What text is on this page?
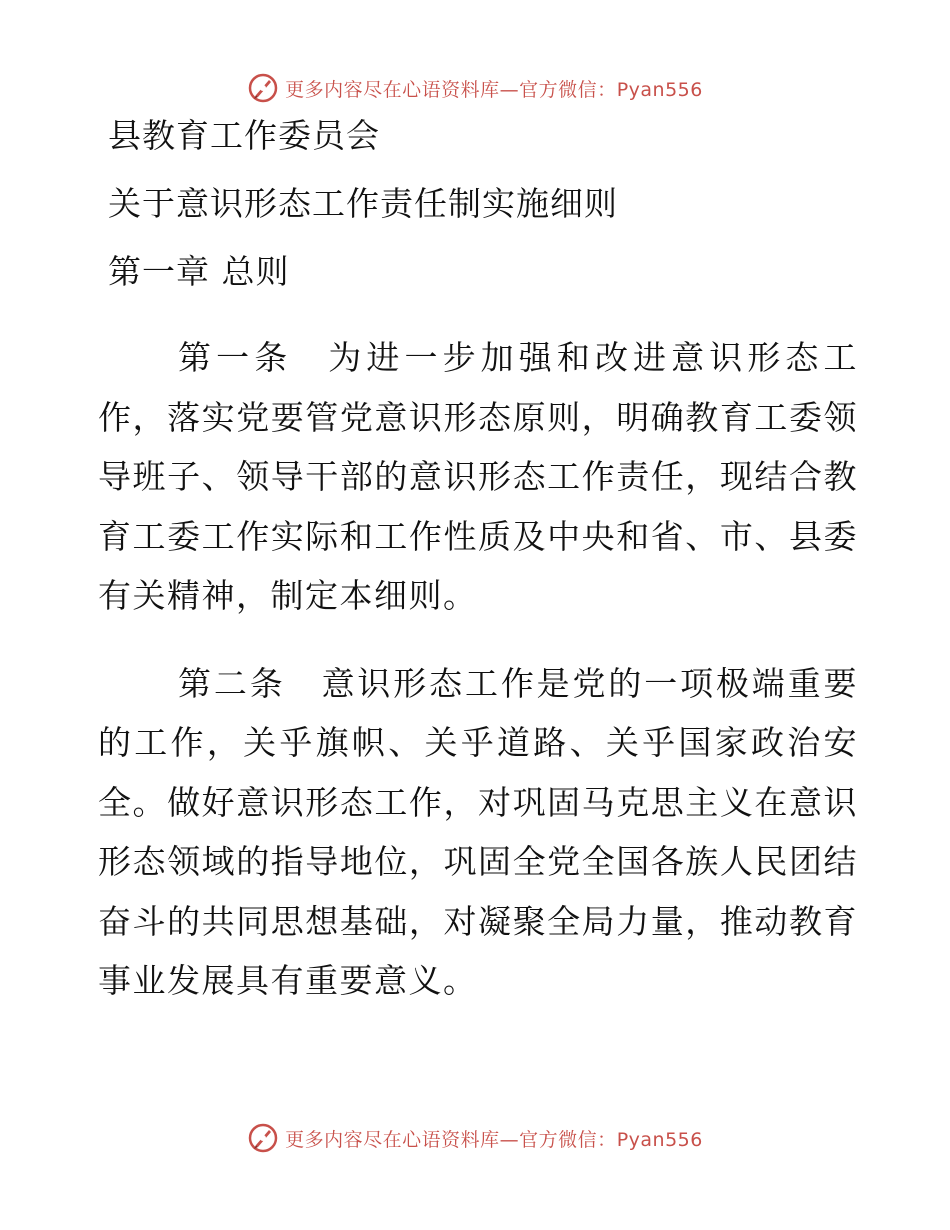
更多内容尽在心语资料库—官方微信：Pyan556
县教育工作委员会
关于意识形态工作责任制实施细则
第一章 总则

第一条 为进一步加强和改进意识形态工作，落实党要管党意识形态原则，明确教育工委领导班子、领导干部的意识形态工作责任，现结合教育工委工作实际和工作性质及中央和省、市、县委有关精神，制定本细则。

第二条 意识形态工作是党的一项极端重要的工作，关乎旗帜、关乎道路、关乎国家政治安全。做好意识形态工作，对巩固马克思主义在意识形态领域的指导地位，巩固全党全国各族人民团结奋斗的共同思想基础，对凝聚全局力量，推动教育事业发展具有重要意义。

更多内容尽在心语资料库—官方微信：Pyan556
